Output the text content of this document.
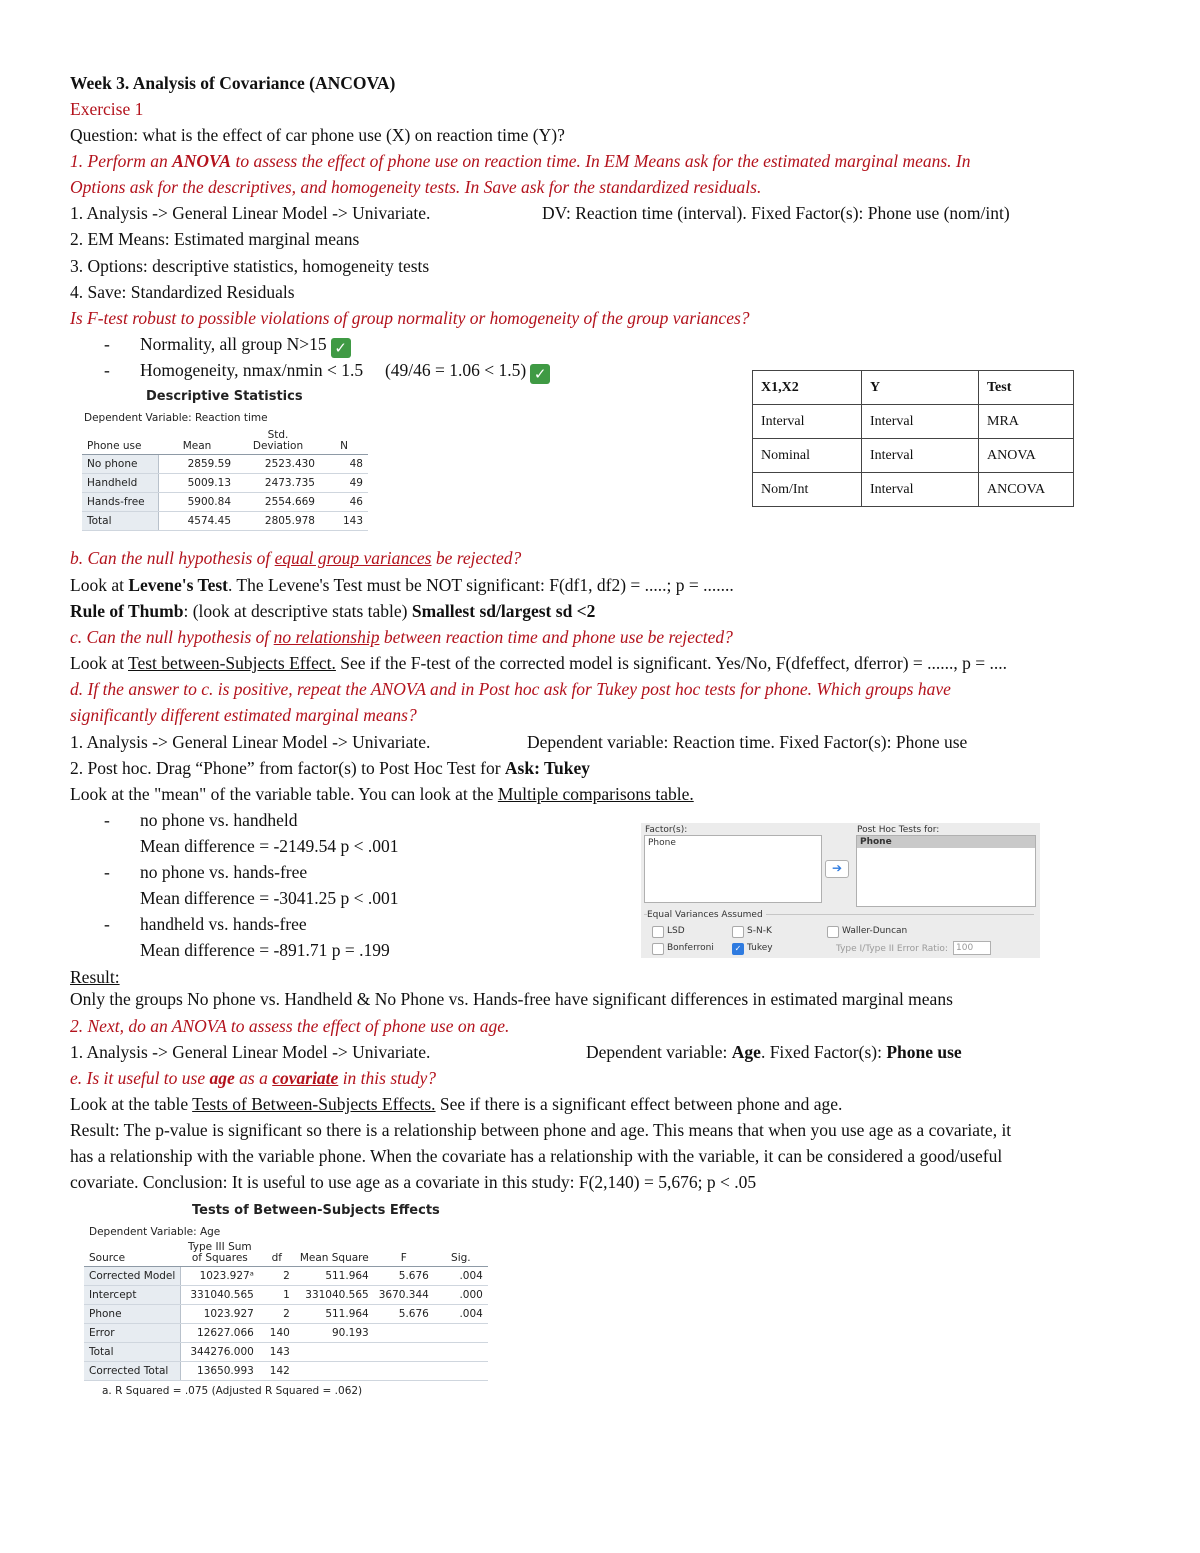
Week 3. Analysis of Covariance (ANCOVA)
Exercise 1
Question: what is the effect of car phone use (X) on reaction time (Y)?
1. Perform an ANOVA to assess the effect of phone use on reaction time. In EM Means ask for the estimated marginal means. In
Options ask for the descriptives, and homogeneity tests. In Save ask for the standardized residuals.
1. Analysis -> General Linear Model -> Univariate.	DV: Reaction time (interval). Fixed Factor(s): Phone use (nom/int)
2. EM Means: Estimated marginal means
3. Options: descriptive statistics, homogeneity tests
4. Save: Standardized Residuals
Is F-test robust to possible violations of group normality or homogeneity of the group variances?
- Normality, all group N>15 ✓
- Homogeneity, nmax/nmin < 1.5     (49/46 = 1.06 < 1.5) ✓
Descriptive Statistics
Dependent Variable: Reaction time
Phone use	Mean	Std. Deviation	N
No phone	2859.59	2523.430	48
Handheld	5009.13	2473.735	49
Hands-free	5900.84	2554.669	46
Total	4574.45	2805.978	143
X1,X2	Y	Test
Interval	Interval	MRA
Nominal	Interval	ANOVA
Nom/Int	Interval	ANCOVA
b. Can the null hypothesis of equal group variances be rejected?
Look at Levene's Test. The Levene's Test must be NOT significant: F(df1, df2) = .....; p = .......
Rule of Thumb: (look at descriptive stats table) Smallest sd/largest sd <2
c. Can the null hypothesis of no relationship between reaction time and phone use be rejected?
Look at Test between-Subjects Effect. See if the F-test of the corrected model is significant. Yes/No, F(dfeffect, dferror) = ......, p = ....
d. If the answer to c. is positive, repeat the ANOVA and in Post hoc ask for Tukey post hoc tests for phone. Which groups have
significantly different estimated marginal means?
1. Analysis -> General Linear Model -> Univariate.	Dependent variable: Reaction time. Fixed Factor(s): Phone use
2. Post hoc. Drag “Phone” from factor(s) to Post Hoc Test for Ask: Tukey
Look at the "mean" of the variable table. You can look at the Multiple comparisons table.
- no phone vs. handheld
Mean difference = -2149.54 p < .001
- no phone vs. hands-free
Mean difference = -3041.25 p < .001
- handheld vs. hands-free
Mean difference = -891.71 p = .199
Factor(s):
Phone
➔
Post Hoc Tests for:
Phone
Equal Variances Assumed
LSD	S-N-K	Waller-Duncan
Bonferroni	✓ Tukey	Type I/Type II Error Ratio: 100
Result:
Only the groups No phone vs. Handheld & No Phone vs. Hands-free have significant differences in estimated marginal means
2. Next, do an ANOVA to assess the effect of phone use on age.
1. Analysis -> General Linear Model -> Univariate.	Dependent variable: Age. Fixed Factor(s): Phone use
e. Is it useful to use age as a covariate in this study?
Look at the table Tests of Between-Subjects Effects. See if there is a significant effect between phone and age.
Result: The p-value is significant so there is a relationship between phone and age. This means that when you use age as a covariate, it
has a relationship with the variable phone. When the covariate has a relationship with the variable, it can be considered a good/useful
covariate. Conclusion: It is useful to use age as a covariate in this study: F(2,140) = 5,676; p < .05
Tests of Between-Subjects Effects
Dependent Variable: Age
Source	Type III Sum of Squares	df	Mean Square	F	Sig.
Corrected Model	1023.927ᵃ	2	511.964	5.676	.004
Intercept	331040.565	1	331040.565	3670.344	.000
Phone	1023.927	2	511.964	5.676	.004
Error	12627.066	140	90.193		
Total	344276.000	143			
Corrected Total	13650.993	142			
a. R Squared = .075 (Adjusted R Squared = .062)
